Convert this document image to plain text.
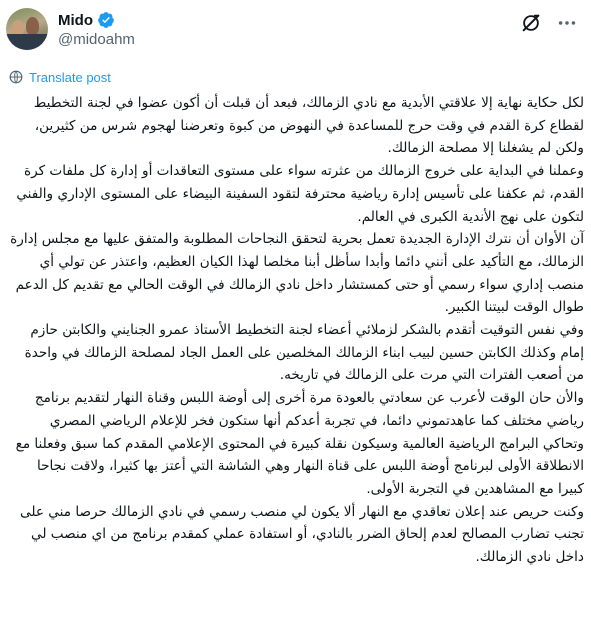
Mido
@midoahm
Translate post

لكل حكاية نهاية إلا علاقتي الأبدية مع نادي الزمالك، فبعد أن قبلت أن أكون عضوا في لجنة التخطيط لقطاع كرة القدم في وقت حرج للمساعدة في النهوض من كبوة وتعرضنا لهجوم شرس من كثيرين، ولكن لم يشغلنا إلا مصلحة الزمالك.

وعملنا في البداية على خروج الزمالك من عثرته سواء على مستوى التعاقدات أو إدارة كل ملفات كرة القدم، ثم عكفنا على تأسيس إدارة رياضية محترفة لتقود السفينة البيضاء على المستوى الإداري والفني لتكون على نهج الأندية الكبرى في العالم.

آن الأوان أن نترك الإدارة الجديدة تعمل بحرية لتحقق النجاحات المطلوبة والمتفق عليها مع مجلس إدارة الزمالك، مع التأكيد على أنني دائما وأبدا سأظل أبنا مخلصا لهذا الكيان العظيم، واعتذر عن تولي أي منصب إداري سواء رسمي أو حتى كمستشار داخل نادي الزمالك في الوقت الحالي مع تقديم كل الدعم طوال الوقت لبيتنا الكبير.

وفي نفس التوقيت أتقدم بالشكر لزملائي أعضاء لجنة التخطيط الأستاذ عمرو الجنايني والكابتن حازم إمام وكذلك الكابتن حسين لبيب ابناء الزمالك المخلصين على العمل الجاد لمصلحة الزمالك في واحدة من أصعب الفترات التي مرت على الزمالك في تاريخه.

والأن حان الوقت لأعرب عن سعادتي بالعودة مرة أخرى إلى أوضة اللبس وقناة النهار لتقديم برنامج رياضي مختلف كما عاهدتموني دائما، في تجربة أعدكم أنها ستكون فخر للإعلام الرياضي المصري وتحاكي البرامج الرياضية العالمية وسيكون نقلة كبيرة في المحتوى الإعلامي المقدم كما سبق وفعلنا مع الانطلاقة الأولى لبرنامج أوضة اللبس على قناة النهار وهي الشاشة التي أعتز بها كثيرا، ولاقت نجاحا كبيرا مع المشاهدين في التجربة الأولى.

وكنت حريص عند إعلان تعاقدي مع النهار ألا يكون لي منصب رسمي في نادي الزمالك حرصا مني على تجنب تضارب المصالح لعدم إلحاق الضرر بالنادي، أو استفادة عملي كمقدم برنامج من اي منصب لي داخل نادي الزمالك.
